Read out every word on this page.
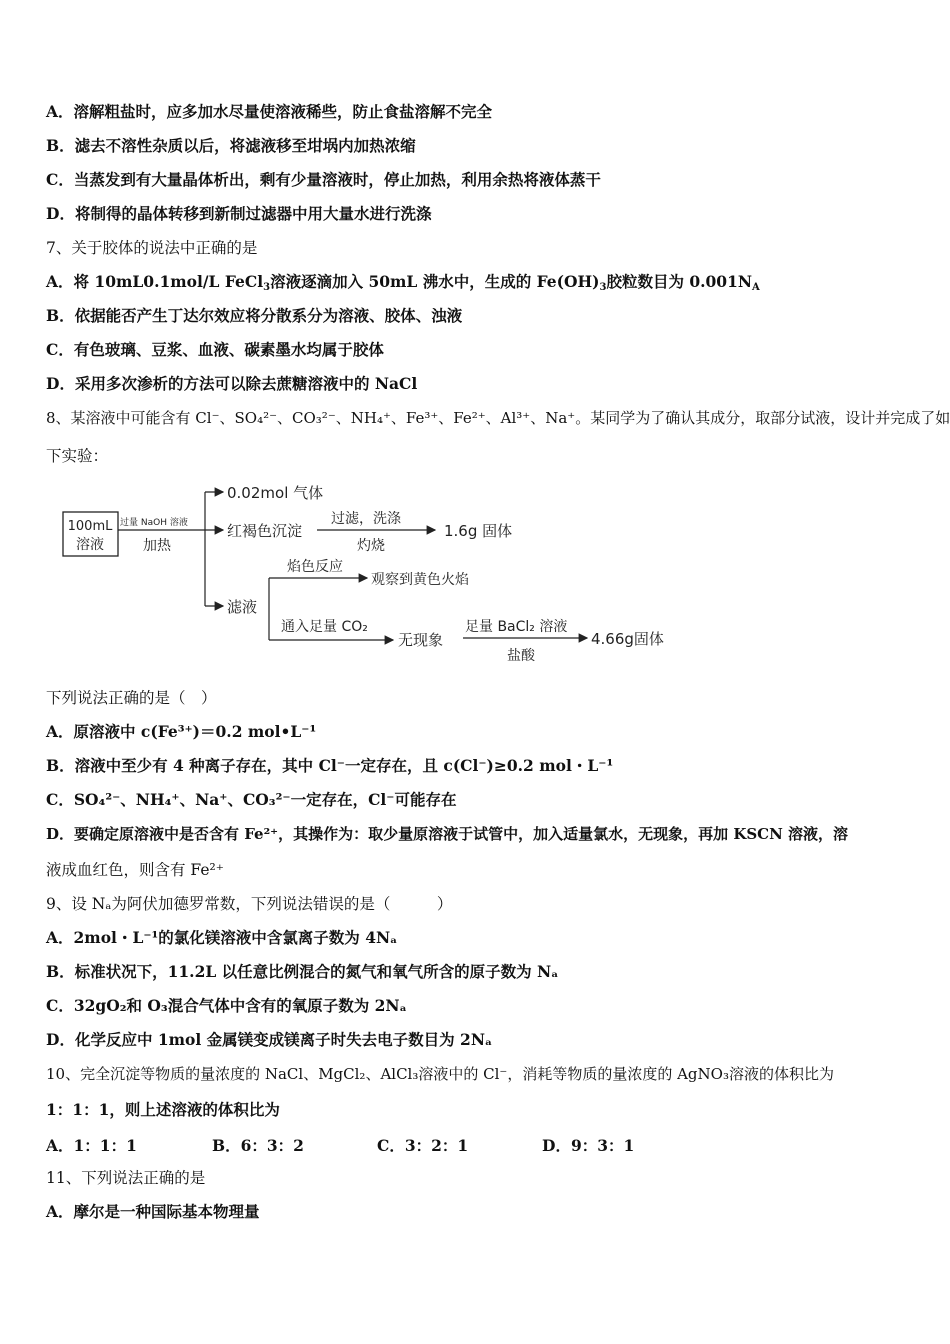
A．溶解粗盐时，应多加水尽量使溶液稀些，防止食盐溶解不完全
B．滤去不溶性杂质以后，将滤液移至坩埚内加热浓缩
C．当蒸发到有大量晶体析出，剩有少量溶液时，停止加热，利用余热将液体蒸干
D．将制得的晶体转移到新制过滤器中用大量水进行洗涤
7、关于胶体的说法中正确的是
A．将 10mL0.1mol/L FeCl$_3$溶液逐滴加入 50mL 沸水中，生成的 $Fe(OH)_3$胶粒数目为 $0.001N_A$
B．依据能否产生丁达尔效应将分散系分为溶液、胶体、浊液
C．有色玻璃、豆浆、血液、碳素墨水均属于胶体
D．采用多次渗析的方法可以除去蔗糖溶液中的 NaCl
8、某溶液中可能含有 Cl⁻、SO₄²⁻、CO₃²⁻、NH₄⁺、Fe³⁺、Fe²⁺、Al³⁺、Na⁺。某同学为了确认其成分，取部分试液，设计并完成了如
下实验：
100mL
溶液
过量 NaOH 溶液
加热
0.02mol 气体
红褐色沉淀
过滤，洗涤
灼烧
1.6g 固体
滤液
焰色反应
观察到黄色火焰
通入足量 CO₂
无现象
足量 BaCl₂ 溶液
盐酸
4.66g固体
下列说法正确的是（　）
A．原溶液中 c(Fe³⁺)＝0.2 mol•L⁻¹
B．溶液中至少有 4 种离子存在，其中 Cl⁻一定存在，且 c(Cl⁻)≥0.2 mol・L⁻¹
C．SO₄²⁻、NH₄⁺、Na⁺、CO₃²⁻一定存在，Cl⁻可能存在
D．要确定原溶液中是否含有 Fe²⁺，其操作为：取少量原溶液于试管中，加入适量氯水，无现象，再加 KSCN 溶液，溶
液成血红色，则含有 Fe²⁺
9、设 Nₐ为阿伏加德罗常数，下列说法错误的是（　　　）
A．2mol・L⁻¹的氯化镁溶液中含氯离子数为 4Nₐ
B．标准状况下，11.2L 以任意比例混合的氮气和氧气所含的原子数为 Nₐ
C．32gO₂和 O₃混合气体中含有的氧原子数为 2Nₐ
D．化学反应中 1mol 金属镁变成镁离子时失去电子数目为 2Nₐ
10、完全沉淀等物质的量浓度的 NaCl、MgCl₂、AlCl₃溶液中的 Cl⁻，消耗等物质的量浓度的 AgNO₃溶液的体积比为
1：1：1，则上述溶液的体积比为
A．1：1：1	B．6：3：2	C．3：2：1	D．9：3：1
11、下列说法正确的是
A．摩尔是一种国际基本物理量
